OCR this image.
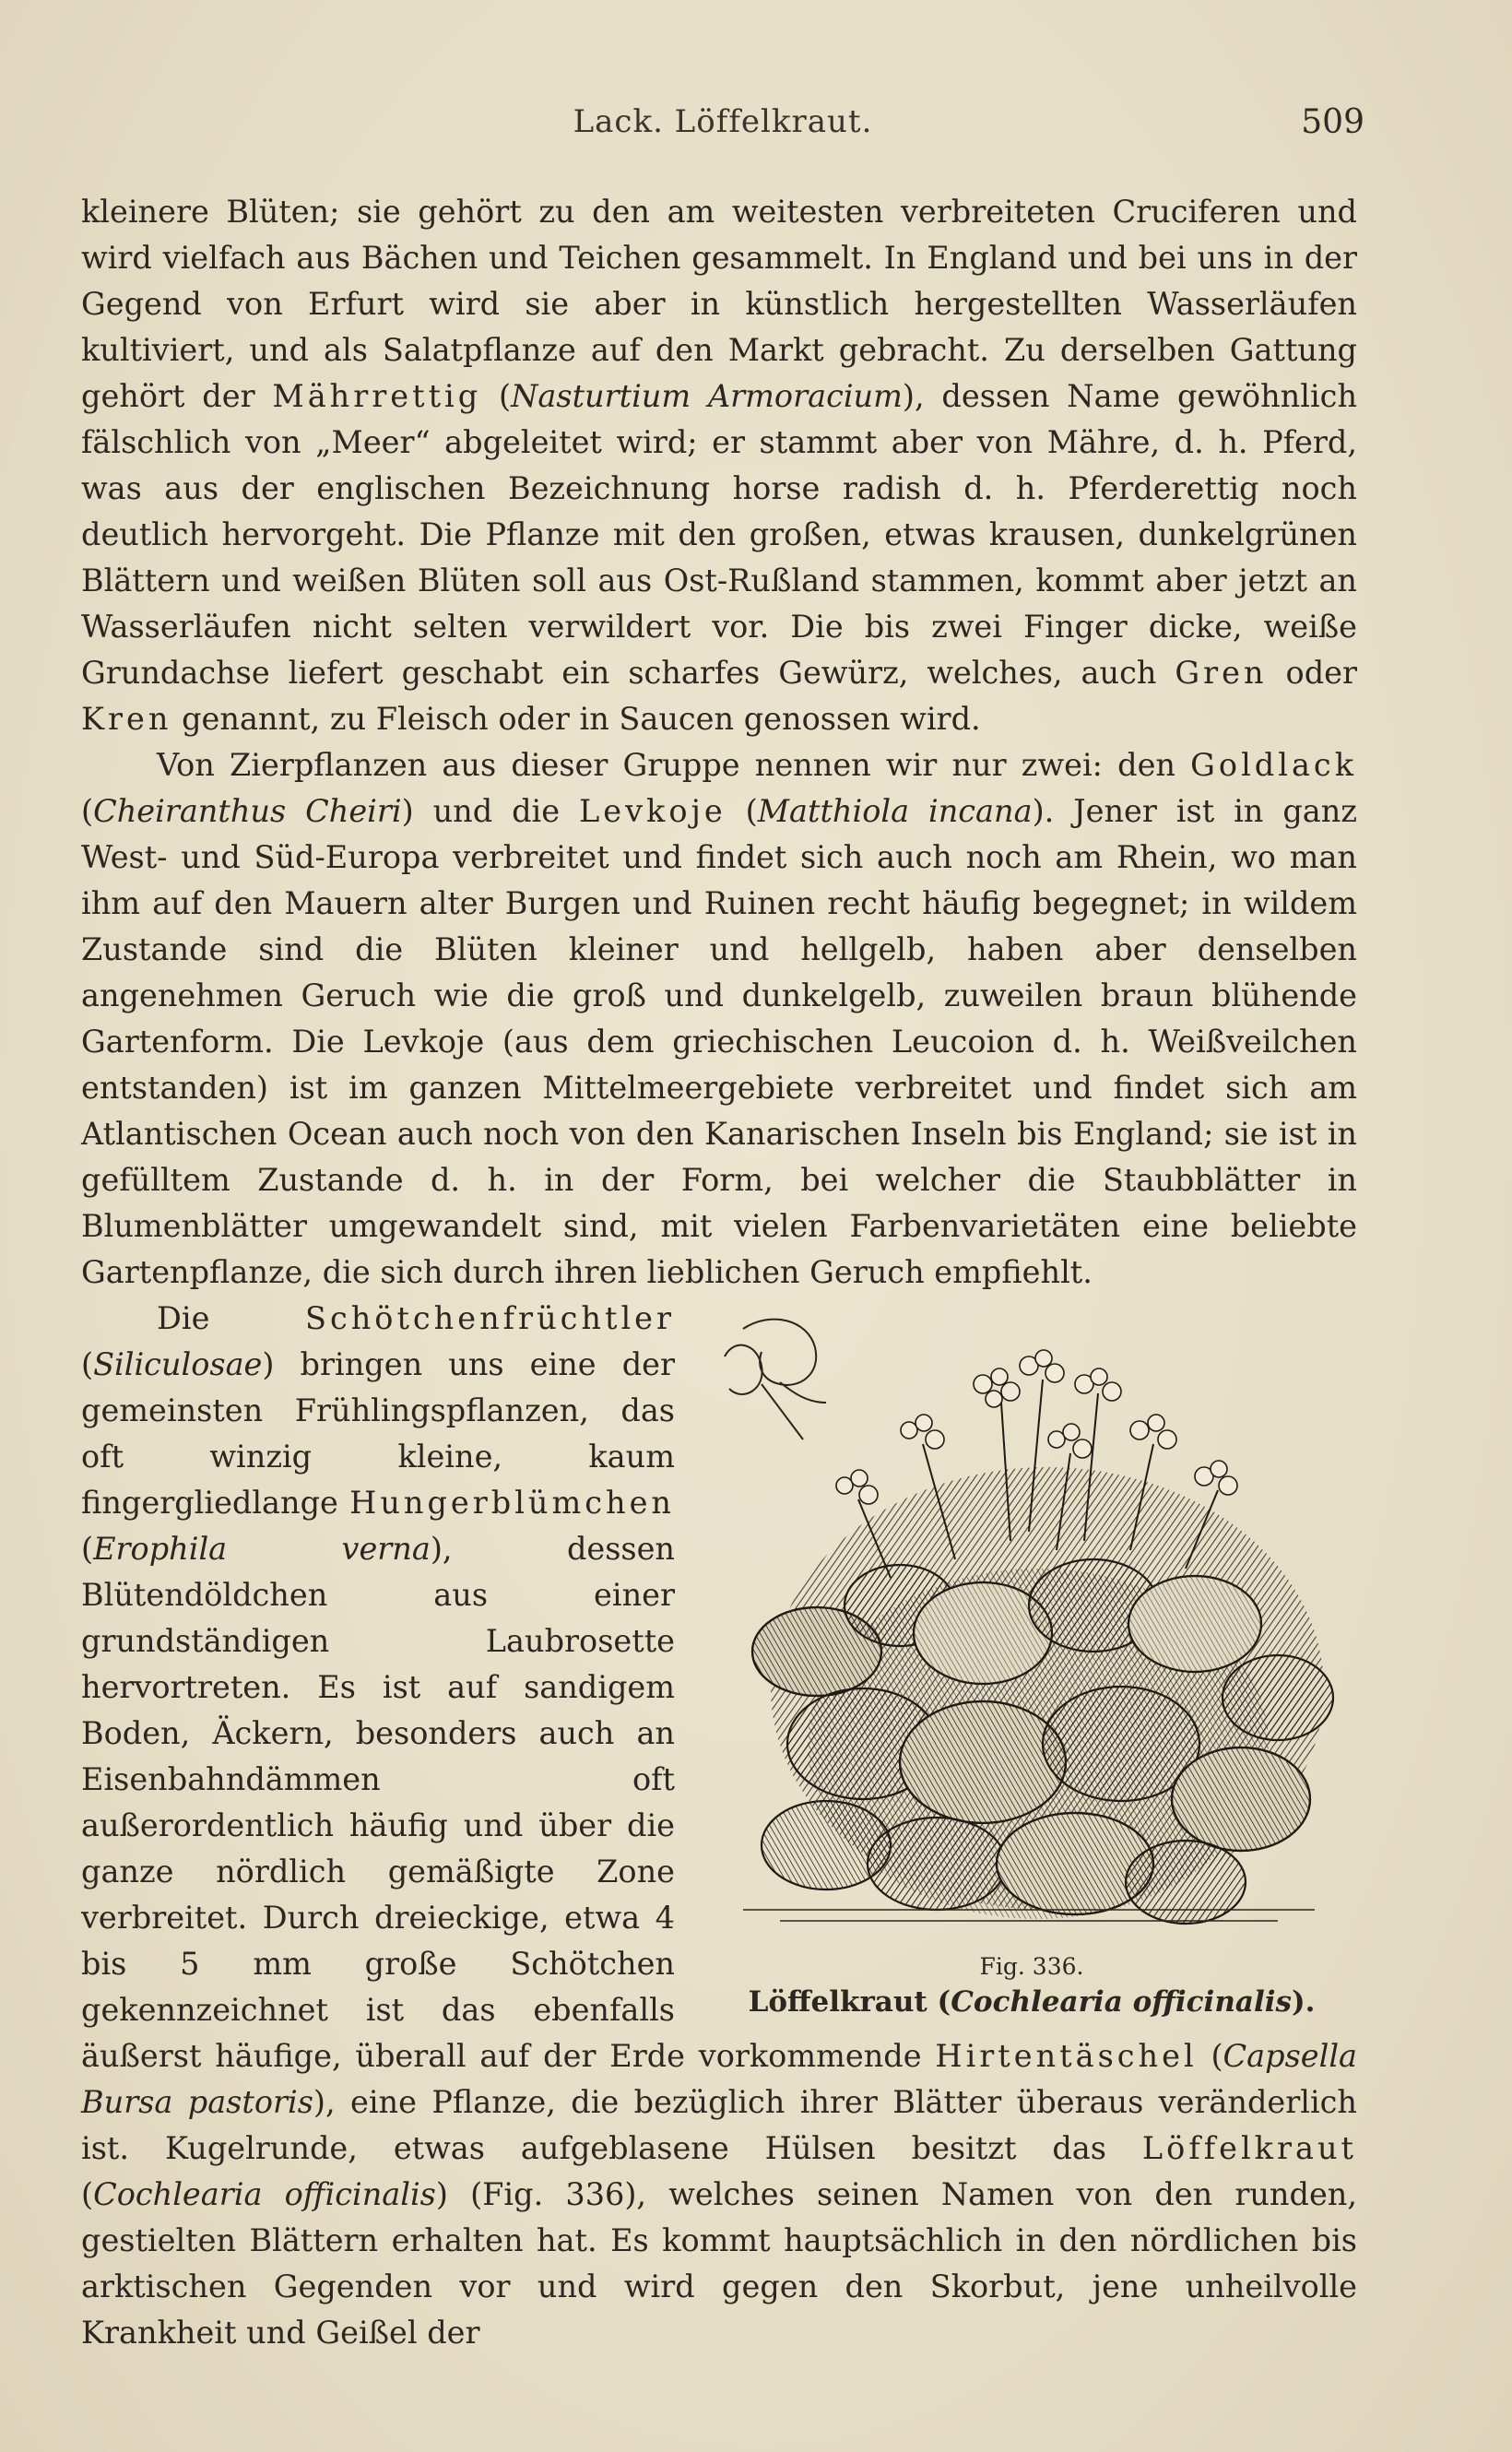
Lack. Löffelkraut.	509

kleinere Blüten; sie gehört zu den am weitesten verbreiteten Cruciferen und wird vielfach aus Bächen und Teichen gesammelt. In England und bei uns in der Gegend von Erfurt wird sie aber in künstlich hergestellten Wasserläufen kultiviert, und als Salatpflanze auf den Markt gebracht. Zu derselben Gattung gehört der Mährrettig (Nasturtium Armoracium), dessen Name gewöhnlich fälschlich von „Meer“ abgeleitet wird; er stammt aber von Mähre, d. h. Pferd, was aus der englischen Bezeichnung horse radish d. h. Pferderettig noch deutlich hervorgeht. Die Pflanze mit den großen, etwas krausen, dunkelgrünen Blättern und weißen Blüten soll aus Ost-Rußland stammen, kommt aber jetzt an Wasserläufen nicht selten verwildert vor. Die bis zwei Finger dicke, weiße Grundachse liefert geschabt ein scharfes Gewürz, welches, auch Gren oder Kren genannt, zu Fleisch oder in Saucen genossen wird.

Von Zierpflanzen aus dieser Gruppe nennen wir nur zwei: den Goldlack (Cheiranthus Cheiri) und die Levkoje (Matthiola incana). Jener ist in ganz West- und Süd-Europa verbreitet und findet sich auch noch am Rhein, wo man ihm auf den Mauern alter Burgen und Ruinen recht häufig begegnet; in wildem Zustande sind die Blüten kleiner und hellgelb, haben aber denselben angenehmen Geruch wie die groß und dunkelgelb, zuweilen braun blühende Gartenform. Die Levkoje (aus dem griechischen Leucoion d. h. Weißveilchen entstanden) ist im ganzen Mittelmeergebiete verbreitet und findet sich am Atlantischen Ocean auch noch von den Kanarischen Inseln bis England; sie ist in gefülltem Zustande d. h. in der Form, bei welcher die Staubblätter in Blumenblätter umgewandelt sind, mit vielen Farbenvarietäten eine beliebte Gartenpflanze, die sich durch ihren lieblichen Geruch empfiehlt.

Fig. 336.
Löffelkraut (Cochlearia officinalis).

Die Schötchenfrüchtler (Siliculosae) bringen uns eine der gemeinsten Frühlingspflanzen, das oft winzig kleine, kaum fingergliedlange Hungerblümchen (Erophila verna), dessen Blütendöldchen aus einer grundständigen Laubrosette hervortreten. Es ist auf sandigem Boden, Äckern, besonders auch an Eisenbahndämmen oft außerordentlich häufig und über die ganze nördlich gemäßigte Zone verbreitet. Durch dreieckige, etwa 4 bis 5 mm große Schötchen gekennzeichnet ist das ebenfalls äußerst häufige, überall auf der Erde vorkommende Hirtentäschel (Capsella Bursa pastoris), eine Pflanze, die bezüglich ihrer Blätter überaus veränderlich ist. Kugelrunde, etwas aufgeblasene Hülsen besitzt das Löffelkraut (Cochlearia officinalis) (Fig. 336), welches seinen Namen von den runden, gestielten Blättern erhalten hat. Es kommt hauptsächlich in den nördlichen bis arktischen Gegenden vor und wird gegen den Skorbut, jene unheilvolle Krankheit und Geißel der
